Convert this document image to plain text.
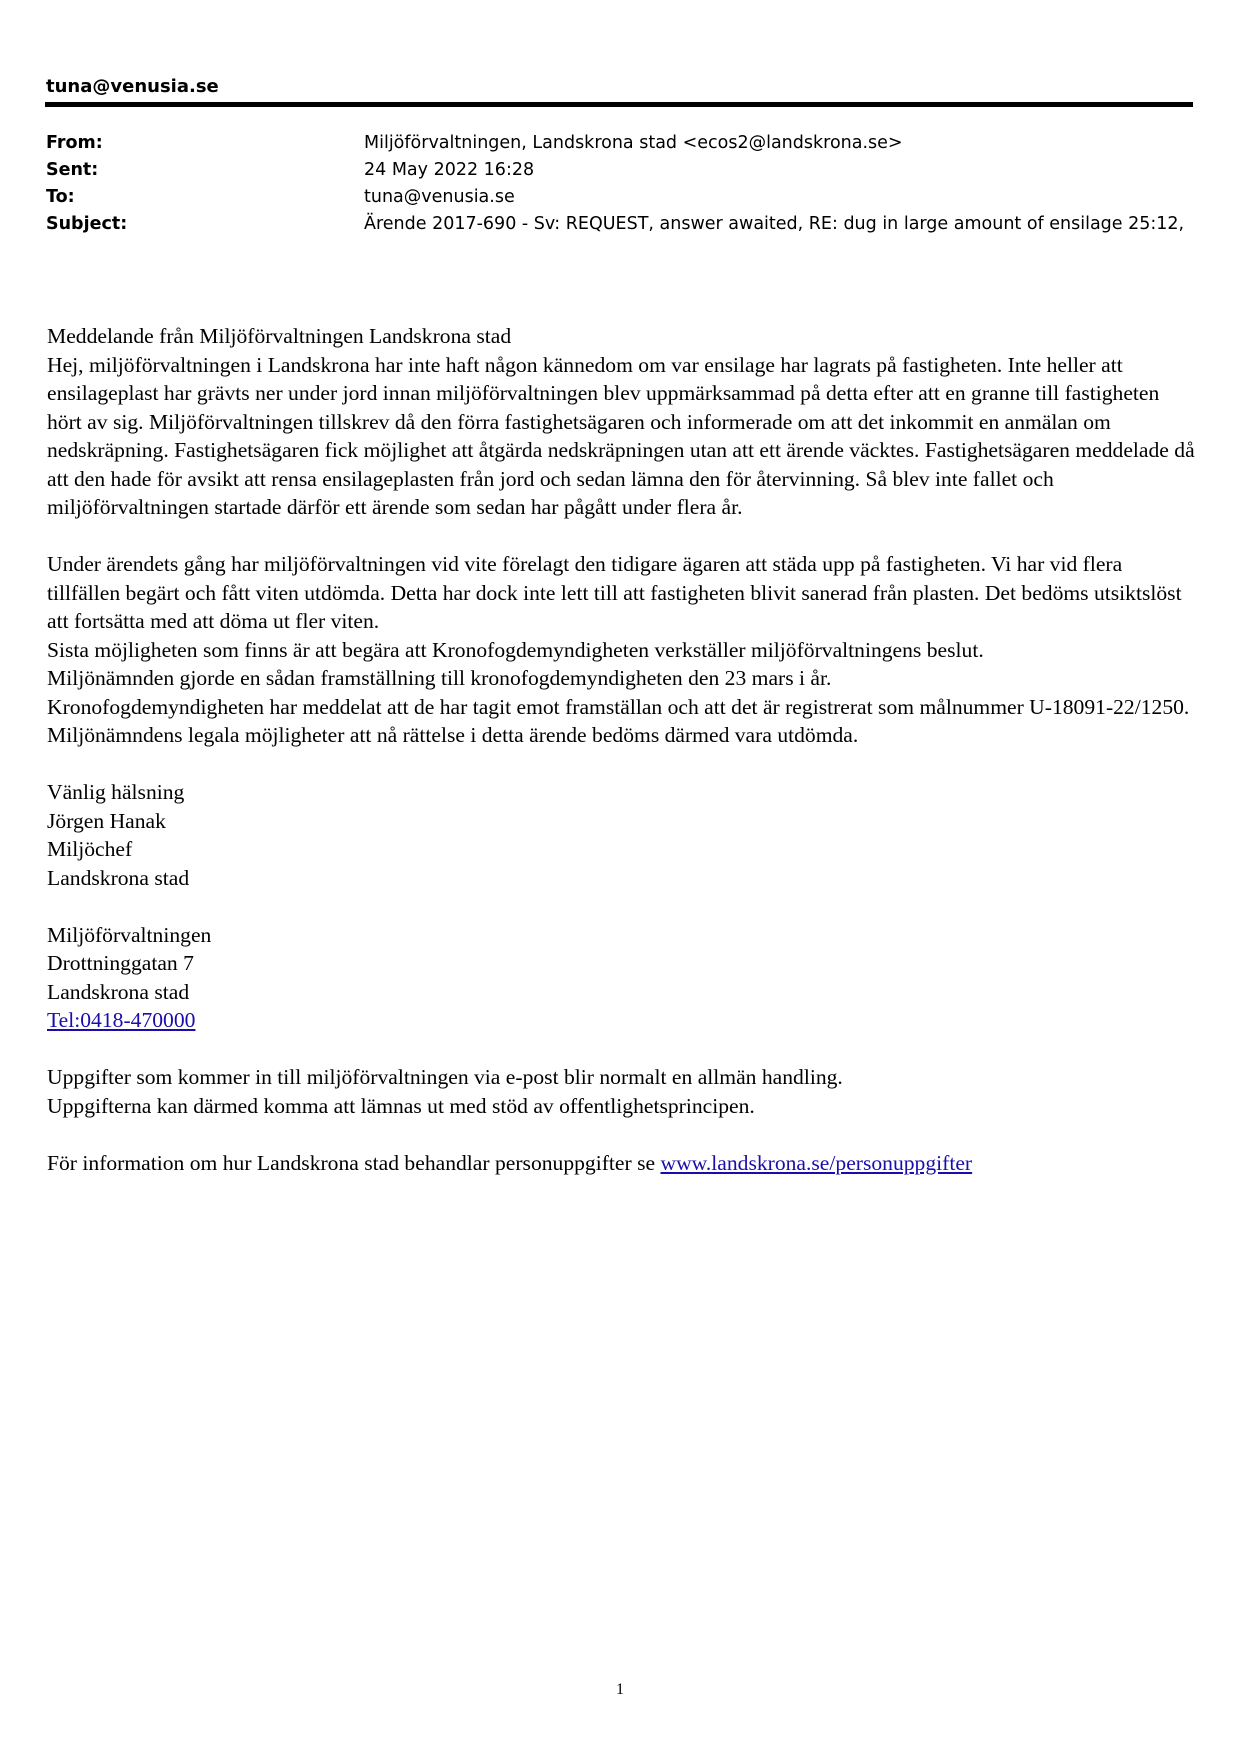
tuna@venusia.se
From:	Miljöförvaltningen, Landskrona stad <ecos2@landskrona.se>
Sent:	24 May 2022 16:28
To:	tuna@venusia.se
Subject:	Ärende 2017-690 - Sv: REQUEST, answer awaited, RE: dug in large amount of ensilage 25:12,

Meddelande från Miljöförvaltningen Landskrona stad

Hej, miljöförvaltningen i Landskrona har inte haft någon kännedom om var ensilage har lagrats på fastigheten. Inte heller att ensilageplast har grävts ner under jord innan miljöförvaltningen blev uppmärksammad på detta efter att en granne till fastigheten hört av sig. Miljöförvaltningen tillskrev då den förra fastighetsägaren och informerade om att det inkommit en anmälan om nedskräpning. Fastighetsägaren fick möjlighet att åtgärda nedskräpningen utan att ett ärende väcktes. Fastighetsägaren meddelade då att den hade för avsikt att rensa ensilageplasten från jord och sedan lämna den för återvinning. Så blev inte fallet och miljöförvaltningen startade därför ett ärende som sedan har pågått under flera år.

Under ärendets gång har miljöförvaltningen vid vite förelagt den tidigare ägaren att städa upp på fastigheten. Vi har vid flera tillfällen begärt och fått viten utdömda. Detta har dock inte lett till att fastigheten blivit sanerad från plasten. Det bedöms utsiktslöst att fortsätta med att döma ut fler viten.

Sista möjligheten som finns är att begära att Kronofogdemyndigheten verkställer miljöförvaltningens beslut.

Miljönämnden gjorde en sådan framställning till kronofogdemyndigheten den 23 mars i år.

Kronofogdemyndigheten har meddelat att de har tagit emot framställan och att det är registrerat som målnummer U-18091-22/1250. Miljönämndens legala möjligheter att nå rättelse i detta ärende bedöms därmed vara utdömda.

Vänlig hälsning

Jörgen Hanak

Miljöchef

Landskrona stad

Miljöförvaltningen

Drottninggatan 7

Landskrona stad

Tel:0418-470000

Uppgifter som kommer in till miljöförvaltningen via e-post blir normalt en allmän handling.

Uppgifterna kan därmed komma att lämnas ut med stöd av offentlighetsprincipen.

För information om hur Landskrona stad behandlar personuppgifter se www.landskrona.se/personuppgifter

1
